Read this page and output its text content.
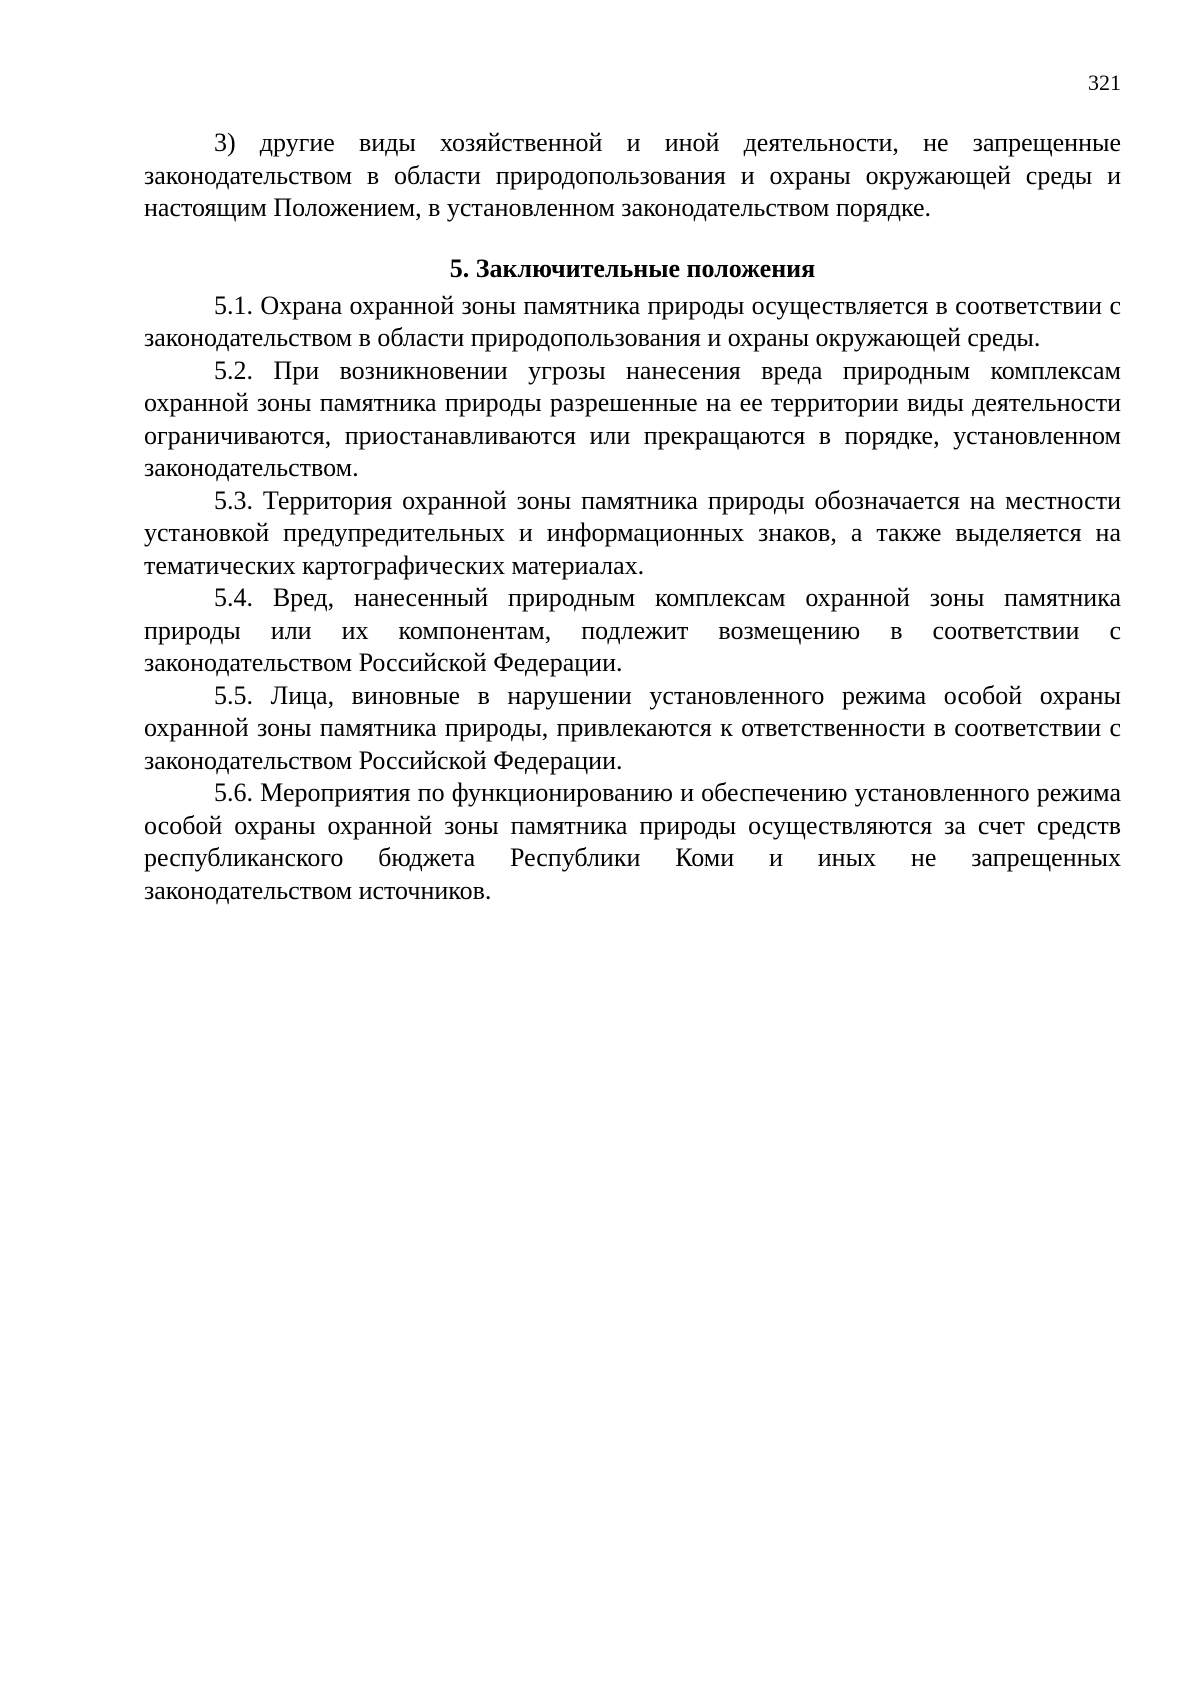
321

3) другие виды хозяйственной и иной деятельности, не запрещенные законодательством в области природопользования и охраны окружающей среды и настоящим Положением, в установленном законодательством порядке.

5. Заключительные положения

5.1. Охрана охранной зоны памятника природы осуществляется в соответствии с законодательством в области природопользования и охраны окружающей среды.

5.2. При возникновении угрозы нанесения вреда природным комплексам охранной зоны памятника природы разрешенные на ее территории виды деятельности ограничиваются, приостанавливаются или прекращаются в порядке, установленном законодательством.

5.3. Территория охранной зоны памятника природы обозначается на местности установкой предупредительных и информационных знаков, а также выделяется на тематических картографических материалах.

5.4. Вред, нанесенный природным комплексам охранной зоны памятника природы или их компонентам, подлежит возмещению в соответствии с законодательством Российской Федерации.

5.5. Лица, виновные в нарушении установленного режима особой охраны охранной зоны памятника природы, привлекаются к ответственности в соответствии с законодательством Российской Федерации.

5.6. Мероприятия по функционированию и обеспечению установленного режима особой охраны охранной зоны памятника природы осуществляются за счет средств республиканского бюджета Республики Коми и иных не запрещенных законодательством источников.
